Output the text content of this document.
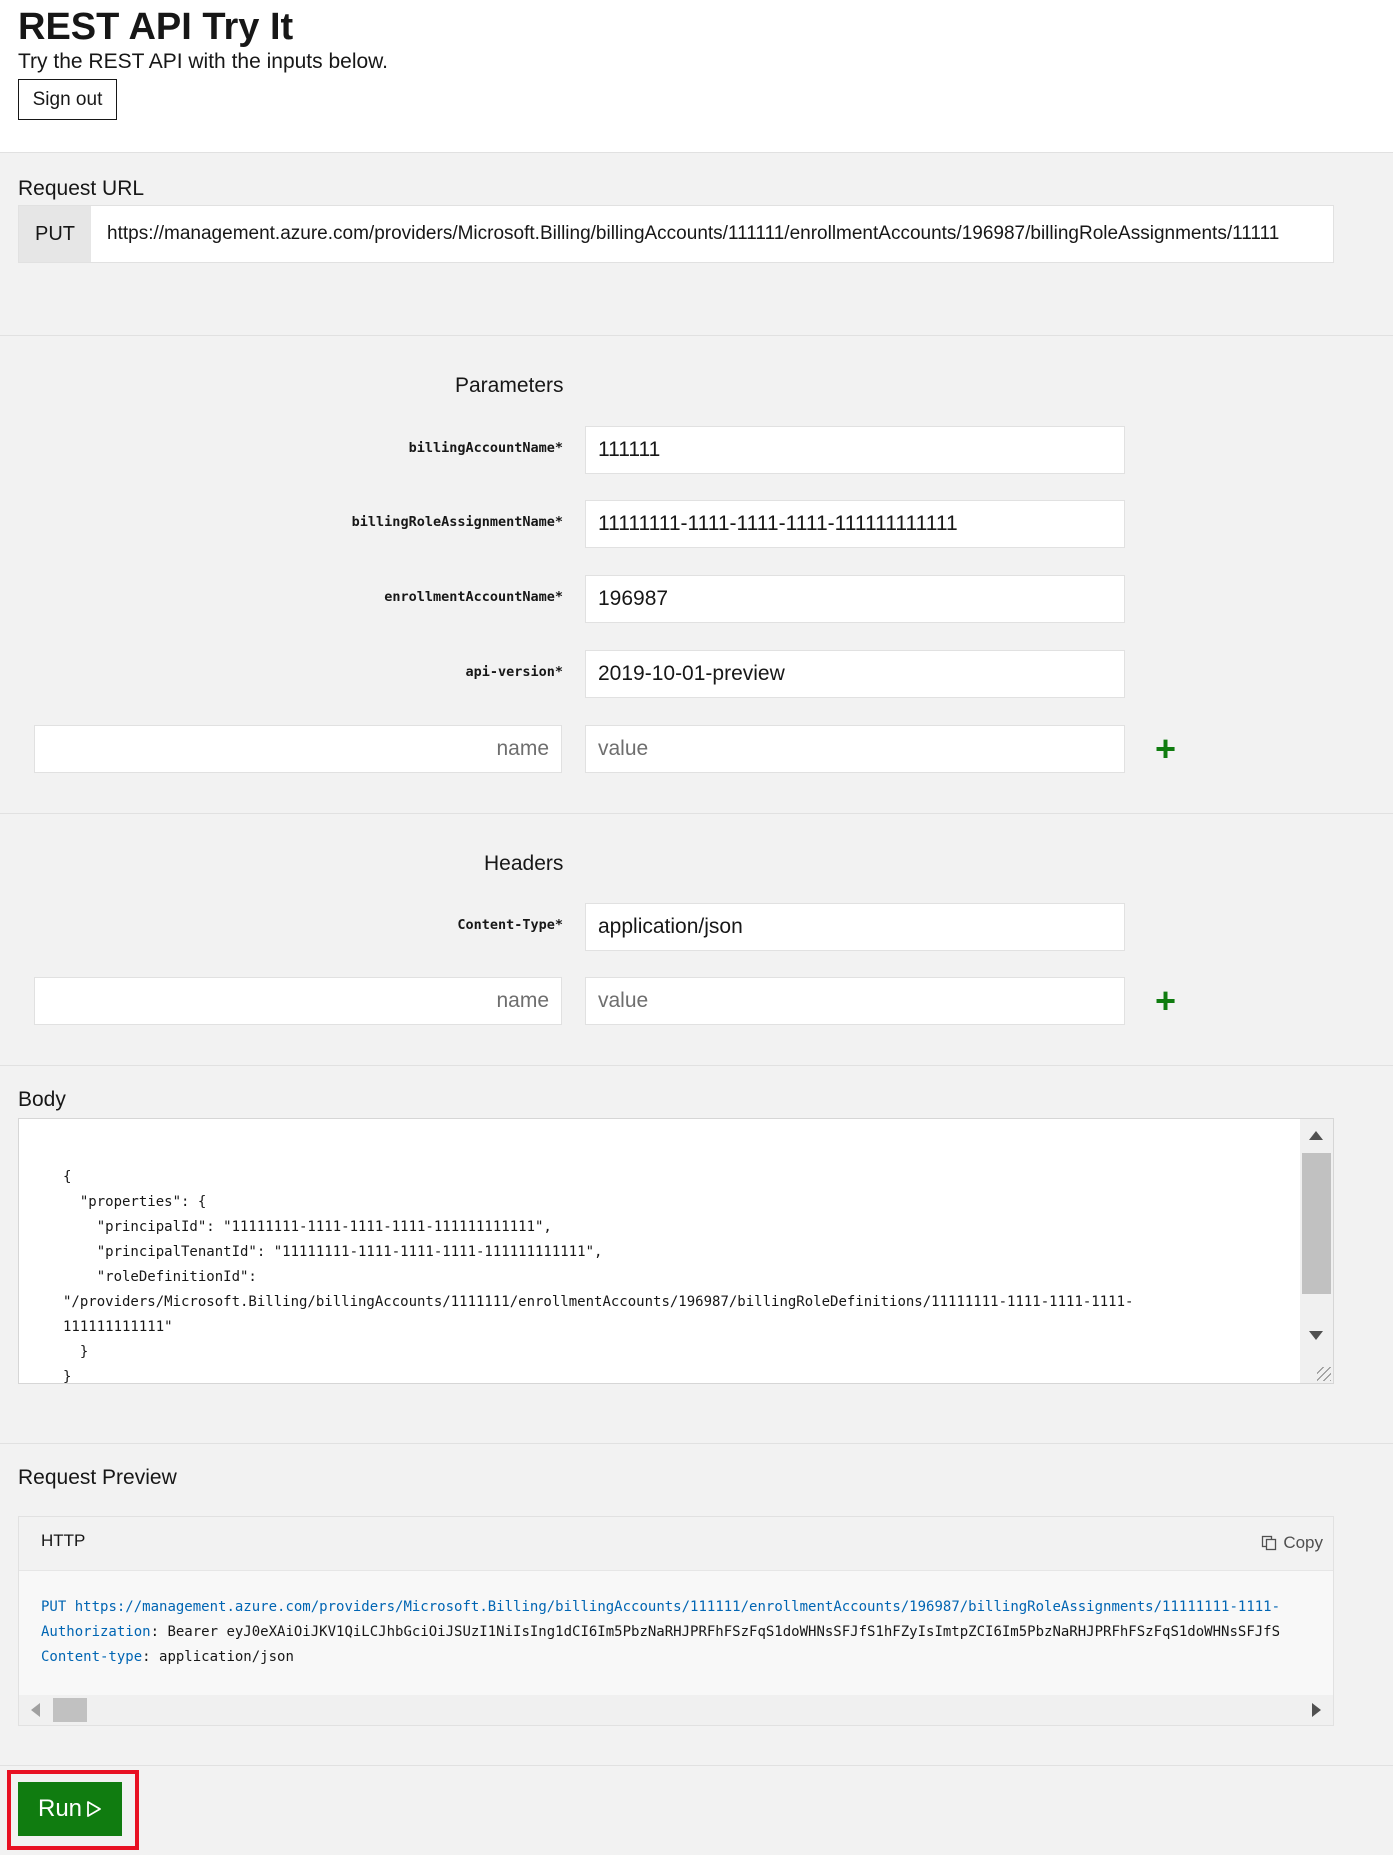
REST API Try It
Try the REST API with the inputs below.
Sign out
Request URL
PUT	https://management.azure.com/providers/Microsoft.Billing/billingAccounts/111111/enrollmentAccounts/196987/billingRoleAssignments/11111
Parameters
billingAccountName*
111111
billingRoleAssignmentName*
11111111-1111-1111-1111-111111111111
enrollmentAccountName*
196987
api-version*
2019-10-01-preview
name
value
+
Headers
Content-Type*
application/json
name
value
+
Body
{
"properties": {
"principalId": "11111111-1111-1111-1111-111111111111",
"principalTenantId": "11111111-1111-1111-1111-111111111111",
"roleDefinitionId":
"/providers/Microsoft.Billing/billingAccounts/1111111/enrollmentAccounts/196987/billingRoleDefinitions/11111111-1111-1111-1111-
111111111111"
}
}
Request Preview
HTTP	Copy
PUT https://management.azure.com/providers/Microsoft.Billing/billingAccounts/111111/enrollmentAccounts/196987/billingRoleAssignments/11111111-1111-
Authorization: Bearer eyJ0eXAiOiJKV1QiLCJhbGciOiJSUzI1NiIsIng1dCI6Im5PbzNaRHJPRFhFSzFqS1doWHNsSFJfS1hFZyIsImtpZCI6Im5PbzNaRHJPRFhFSzFqS1doWHNsSFJfS
Content-type: application/json
Run
